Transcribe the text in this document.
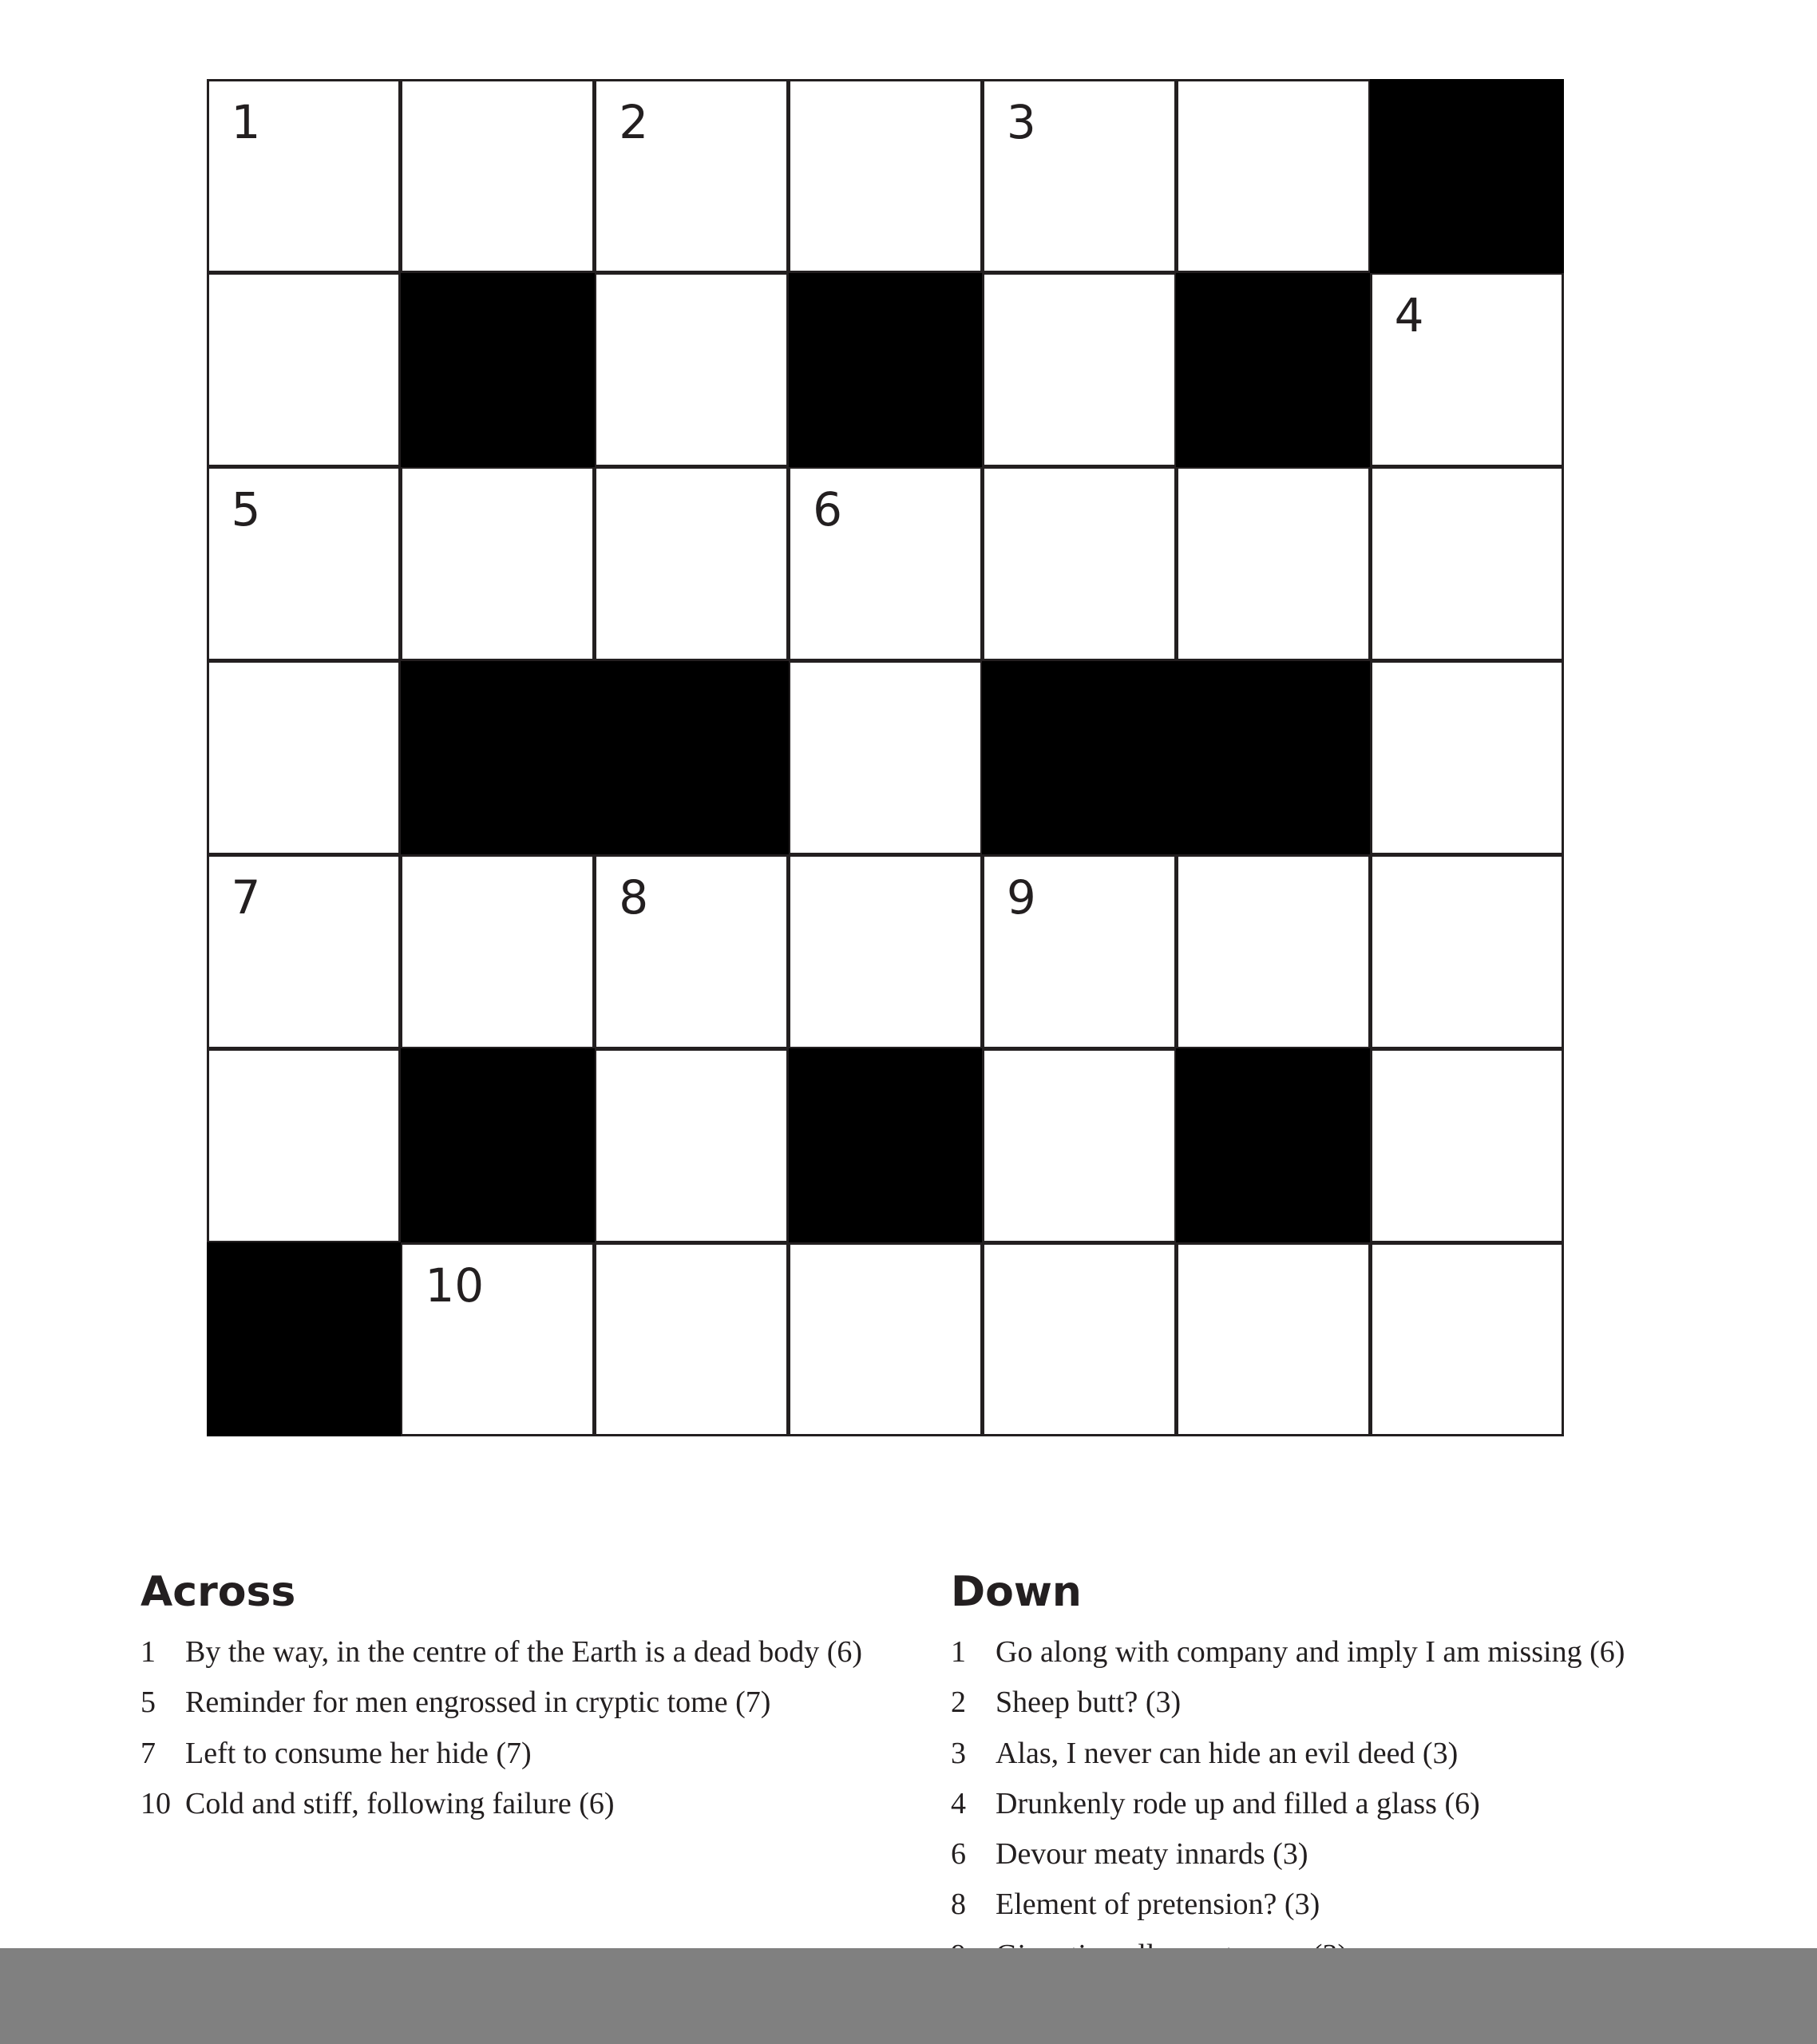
1	2	3
4
5	6
7	8	9
10
Across
1 By the way, in the centre of the Earth is a dead body (6)
5 Reminder for men engrossed in cryptic tome (7)
7 Left to consume her hide (7)
10 Cold and stiff, following failure (6)
Down
1 Go along with company and imply I am missing (6)
2 Sheep butt? (3)
3 Alas, I never can hide an evil deed (3)
4 Drunkenly rode up and filled a glass (6)
6 Devour meaty innards (3)
8 Element of pretension? (3)
